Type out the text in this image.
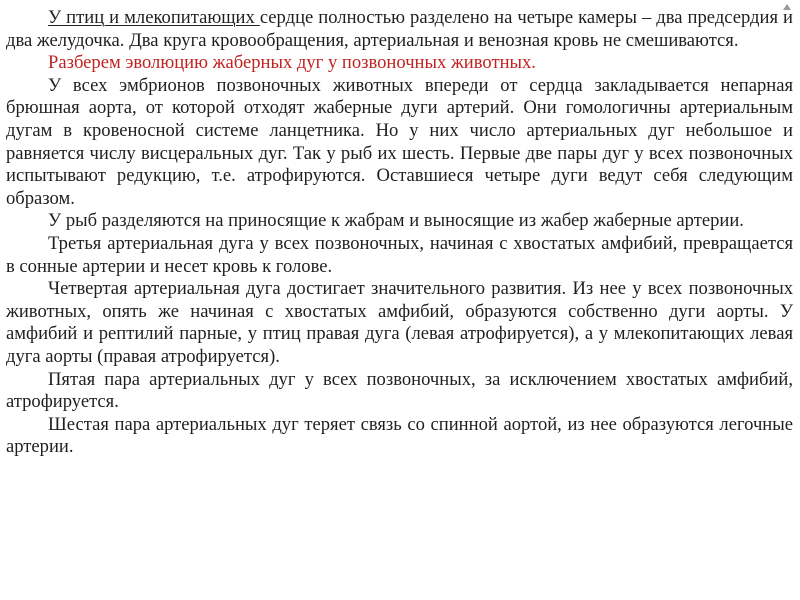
У птиц и млекопитающих сердце полностью разделено на четыре камеры – два предсердия и два желудочка. Два круга кровообращения, артериальная и венозная кровь не смешиваются.

Разберем эволюцию жаберных дуг у позвоночных животных.

У всех эмбрионов позвоночных животных впереди от сердца закладывается непарная брюшная аорта, от которой отходят жаберные дуги артерий. Они гомологичны артериальным дугам в кровеносной системе ланцетника. Но у них число артериальных дуг небольшое и равняется числу висцеральных дуг. Так у рыб их шесть. Первые две пары дуг у всех позвоночных испытывают редукцию, т.е. атрофируются. Оставшиеся четыре дуги ведут себя следующим образом.

У рыб разделяются на приносящие к жабрам и выносящие из жабер жаберные артерии.

Третья артериальная дуга у всех позвоночных, начиная с хвостатых амфибий, превращается в сонные артерии и несет кровь к голове.

Четвертая артериальная дуга достигает значительного развития. Из нее у всех позвоночных животных, опять же начиная с хвостатых амфибий, образуются собственно дуги аорты. У амфибий и рептилий парные, у птиц правая дуга (левая атрофируется), а у млекопитающих левая дуга аорты (правая атрофируется).

Пятая пара артериальных дуг у всех позвоночных, за исключением хвостатых амфибий, атрофируется.

Шестая пара артериальных дуг теряет связь со спинной аортой, из нее образуются легочные артерии.
